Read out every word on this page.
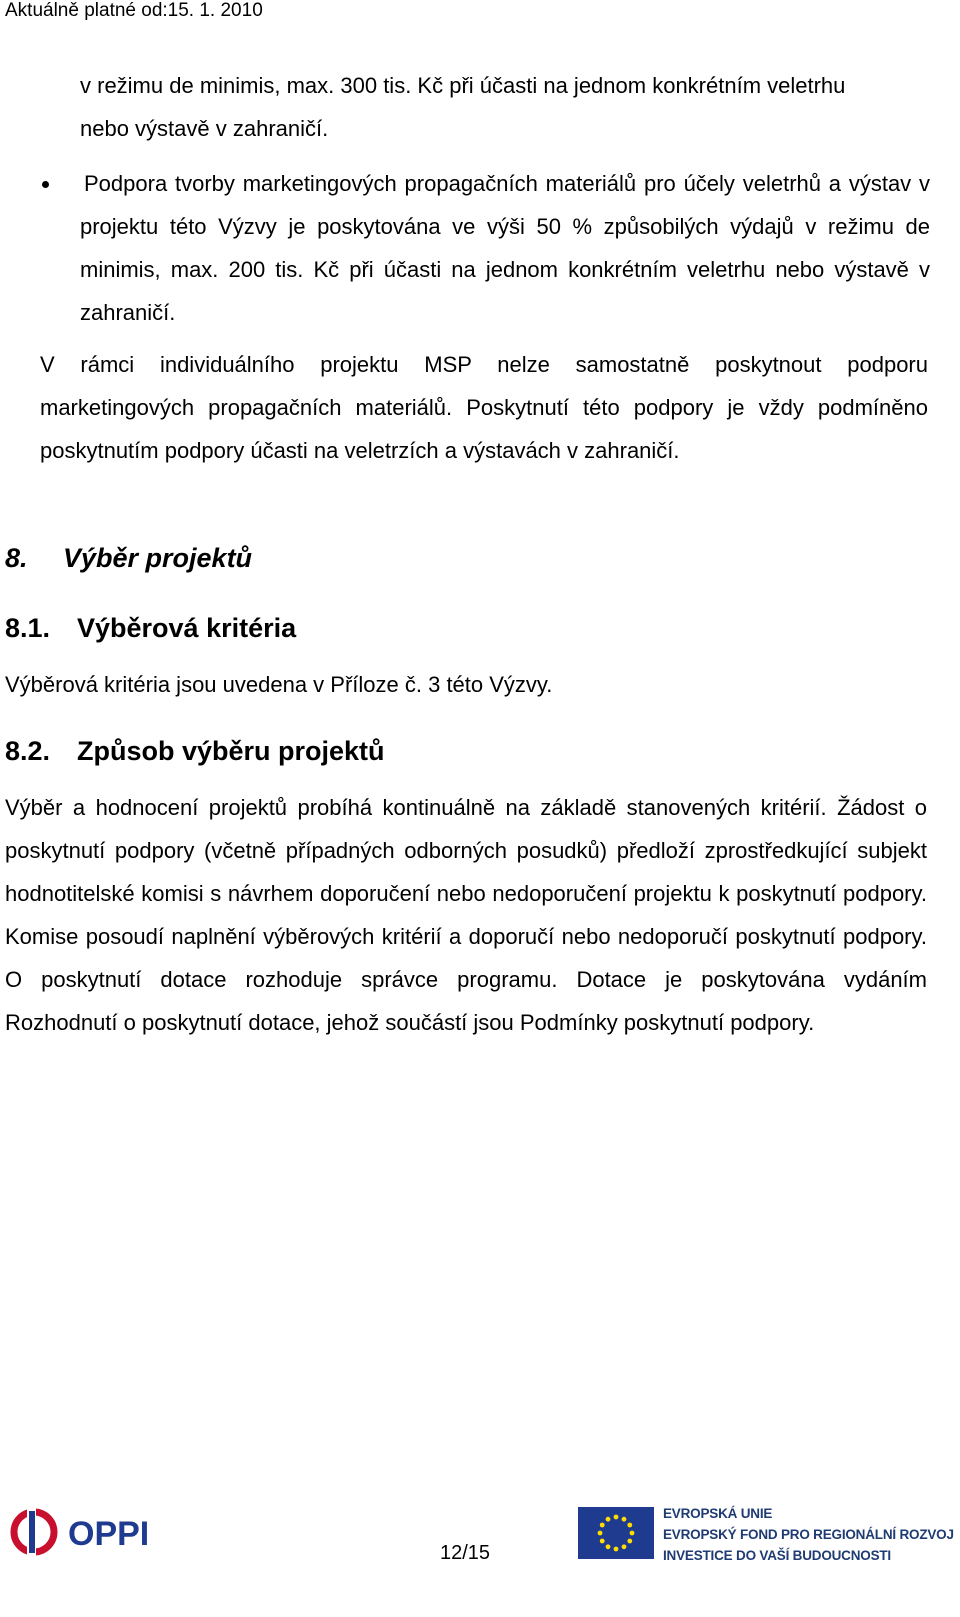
Aktuálně platné od:15. 1. 2010
v režimu de minimis, max. 300 tis. Kč při účasti na jednom konkrétním veletrhu
nebo výstavě v zahraničí.

Podpora tvorby marketingových propagačních materiálů pro účely veletrhů a výstav v projektu této Výzvy je poskytována ve výši 50 % způsobilých výdajů v režimu de minimis, max. 200 tis. Kč při účasti na jednom konkrétním veletrhu nebo výstavě v zahraničí.

V rámci individuálního projektu MSP nelze samostatně poskytnout podporu marketingových propagačních materiálů. Poskytnutí této podpory je vždy podmíněno poskytnutím podpory účasti na veletrzích a výstavách v zahraničí.

8. Výběr projektů
8.1. Výběrová kritéria

Výběrová kritéria jsou uvedena v Příloze č. 3 této Výzvy.

8.2. Způsob výběru projektů

Výběr a hodnocení projektů probíhá kontinuálně na základě stanovených kritérií. Žádost o poskytnutí podpory (včetně případných odborných posudků) předloží zprostředkující subjekt hodnotitelské komisi s návrhem doporučení nebo nedoporučení projektu k poskytnutí podpory. Komise posoudí naplnění výběrových kritérií a doporučí nebo nedoporučí poskytnutí podpory. O poskytnutí dotace rozhoduje správce programu. Dotace je poskytována vydáním Rozhodnutí o poskytnutí dotace, jehož součástí jsou Podmínky poskytnutí podpory.

OPPI	12/15
EVROPSKÁ UNIE
EVROPSKÝ FOND PRO REGIONÁLNÍ ROZVOJ
INVESTICE DO VAŠÍ BUDOUCNOSTI
